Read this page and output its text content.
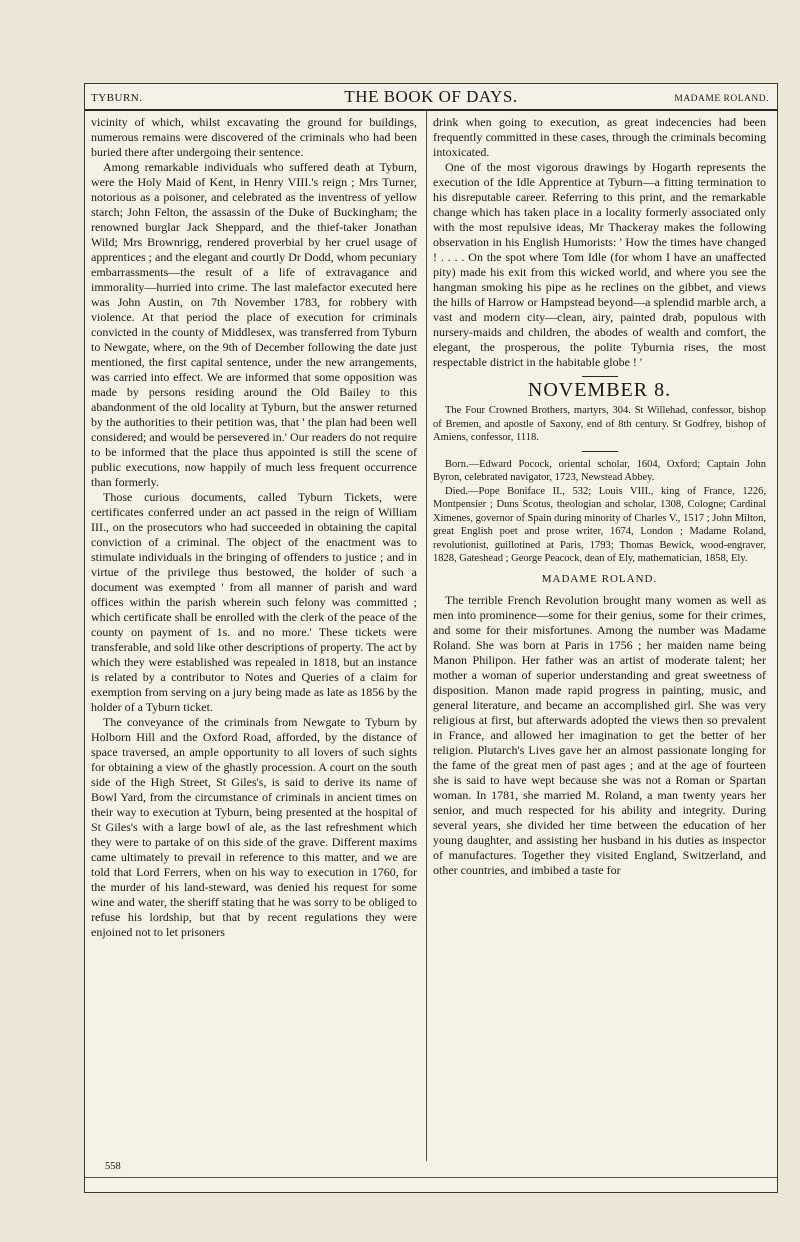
TYBURN.	THE BOOK OF DAYS.	MADAME ROLAND.

vicinity of which, whilst excavating the ground for buildings, numerous remains were discovered of the criminals who had been buried there after undergoing their sentence.

Among remarkable individuals who suffered death at Tyburn, were the Holy Maid of Kent, in Henry VIII.'s reign ; Mrs Turner, notorious as a poisoner, and celebrated as the inventress of yellow starch; John Felton, the assassin of the Duke of Buckingham; the renowned burglar Jack Sheppard, and the thief-taker Jonathan Wild; Mrs Brownrigg, rendered proverbial by her cruel usage of apprentices ; and the elegant and courtly Dr Dodd, whom pecuniary embarrassments—the result of a life of extravagance and immorality—hurried into crime. The last malefactor executed here was John Austin, on 7th November 1783, for robbery with violence. At that period the place of execution for criminals convicted in the county of Middlesex, was transferred from Tyburn to Newgate, where, on the 9th of December following the date just mentioned, the first capital sentence, under the new arrangements, was carried into effect. We are informed that some opposition was made by persons residing around the Old Bailey to this abandonment of the old locality at Tyburn, but the answer returned by the authorities to their petition was, that ' the plan had been well considered; and would be persevered in.' Our readers do not require to be informed that the place thus appointed is still the scene of public executions, now happily of much less frequent occurrence than formerly.

Those curious documents, called Tyburn Tickets, were certificates conferred under an act passed in the reign of William III., on the prosecutors who had succeeded in obtaining the capital conviction of a criminal. The object of the enactment was to stimulate individuals in the bringing of offenders to justice ; and in virtue of the privilege thus bestowed, the holder of such a document was exempted ' from all manner of parish and ward offices within the parish wherein such felony was committed ; which certificate shall be enrolled with the clerk of the peace of the county on payment of 1s. and no more.' These tickets were transferable, and sold like other descriptions of property. The act by which they were established was repealed in 1818, but an instance is related by a contributor to Notes and Queries of a claim for exemption from serving on a jury being made as late as 1856 by the holder of a Tyburn ticket.

The conveyance of the criminals from Newgate to Tyburn by Holborn Hill and the Oxford Road, afforded, by the distance of space traversed, an ample opportunity to all lovers of such sights for obtaining a view of the ghastly procession. A court on the south side of the High Street, St Giles's, is said to derive its name of Bowl Yard, from the circumstance of criminals in ancient times on their way to execution at Tyburn, being presented at the hospital of St Giles's with a large bowl of ale, as the last refreshment which they were to partake of on this side of the grave. Different maxims came ultimately to prevail in reference to this matter, and we are told that Lord Ferrers, when on his way to execution in 1760, for the murder of his land-steward, was denied his request for some wine and water, the sheriff stating that he was sorry to be obliged to refuse his lordship, but that by recent regulations they were enjoined not to let prisoners

drink when going to execution, as great indecencies had been frequently committed in these cases, through the criminals becoming intoxicated.

One of the most vigorous drawings by Hogarth represents the execution of the Idle Apprentice at Tyburn—a fitting termination to his disreputable career. Referring to this print, and the remarkable change which has taken place in a locality formerly associated only with the most repulsive ideas, Mr Thackeray makes the following observation in his English Humorists: ' How the times have changed ! . . . . On the spot where Tom Idle (for whom I have an unaffected pity) made his exit from this wicked world, and where you see the hangman smoking his pipe as he reclines on the gibbet, and views the hills of Harrow or Hampstead beyond—a splendid marble arch, a vast and modern city—clean, airy, painted drab, populous with nursery-maids and children, the abodes of wealth and comfort, the elegant, the prosperous, the polite Tyburnia rises, the most respectable district in the habitable globe ! '

NOVEMBER 8.

The Four Crowned Brothers, martyrs, 304. St Willehad, confessor, bishop of Bremen, and apostle of Saxony, end of 8th century. St Godfrey, bishop of Amiens, confessor, 1118.

Born.—Edward Pocock, oriental scholar, 1604, Oxford; Captain John Byron, celebrated navigator, 1723, Newstead Abbey.

Died.—Pope Boniface II., 532; Louis VIII., king of France, 1226, Montpensier ; Duns Scotus, theologian and scholar, 1308, Cologne; Cardinal Ximenes, governor of Spain during minority of Charles V., 1517 ; John Milton, great English poet and prose writer, 1674, London ; Madame Roland, revolutionist, guillotined at Paris, 1793; Thomas Bewick, wood-engraver, 1828, Gateshead ; George Peacock, dean of Ely, mathematician, 1858, Ely.

MADAME ROLAND.

The terrible French Revolution brought many women as well as men into prominence—some for their genius, some for their crimes, and some for their misfortunes. Among the number was Madame Roland. She was born at Paris in 1756 ; her maiden name being Manon Philipon. Her father was an artist of moderate talent; her mother a woman of superior understanding and great sweetness of disposition. Manon made rapid progress in painting, music, and general literature, and became an accomplished girl. She was very religious at first, but afterwards adopted the views then so prevalent in France, and allowed her imagination to get the better of her religion. Plutarch's Lives gave her an almost passionate longing for the fame of the great men of past ages ; and at the age of fourteen she is said to have wept because she was not a Roman or Spartan woman. In 1781, she married M. Roland, a man twenty years her senior, and much respected for his ability and integrity. During several years, she divided her time between the education of her young daughter, and assisting her husband in his duties as inspector of manufactures. Together they visited England, Switzerland, and other countries, and imbibed a taste for

558
